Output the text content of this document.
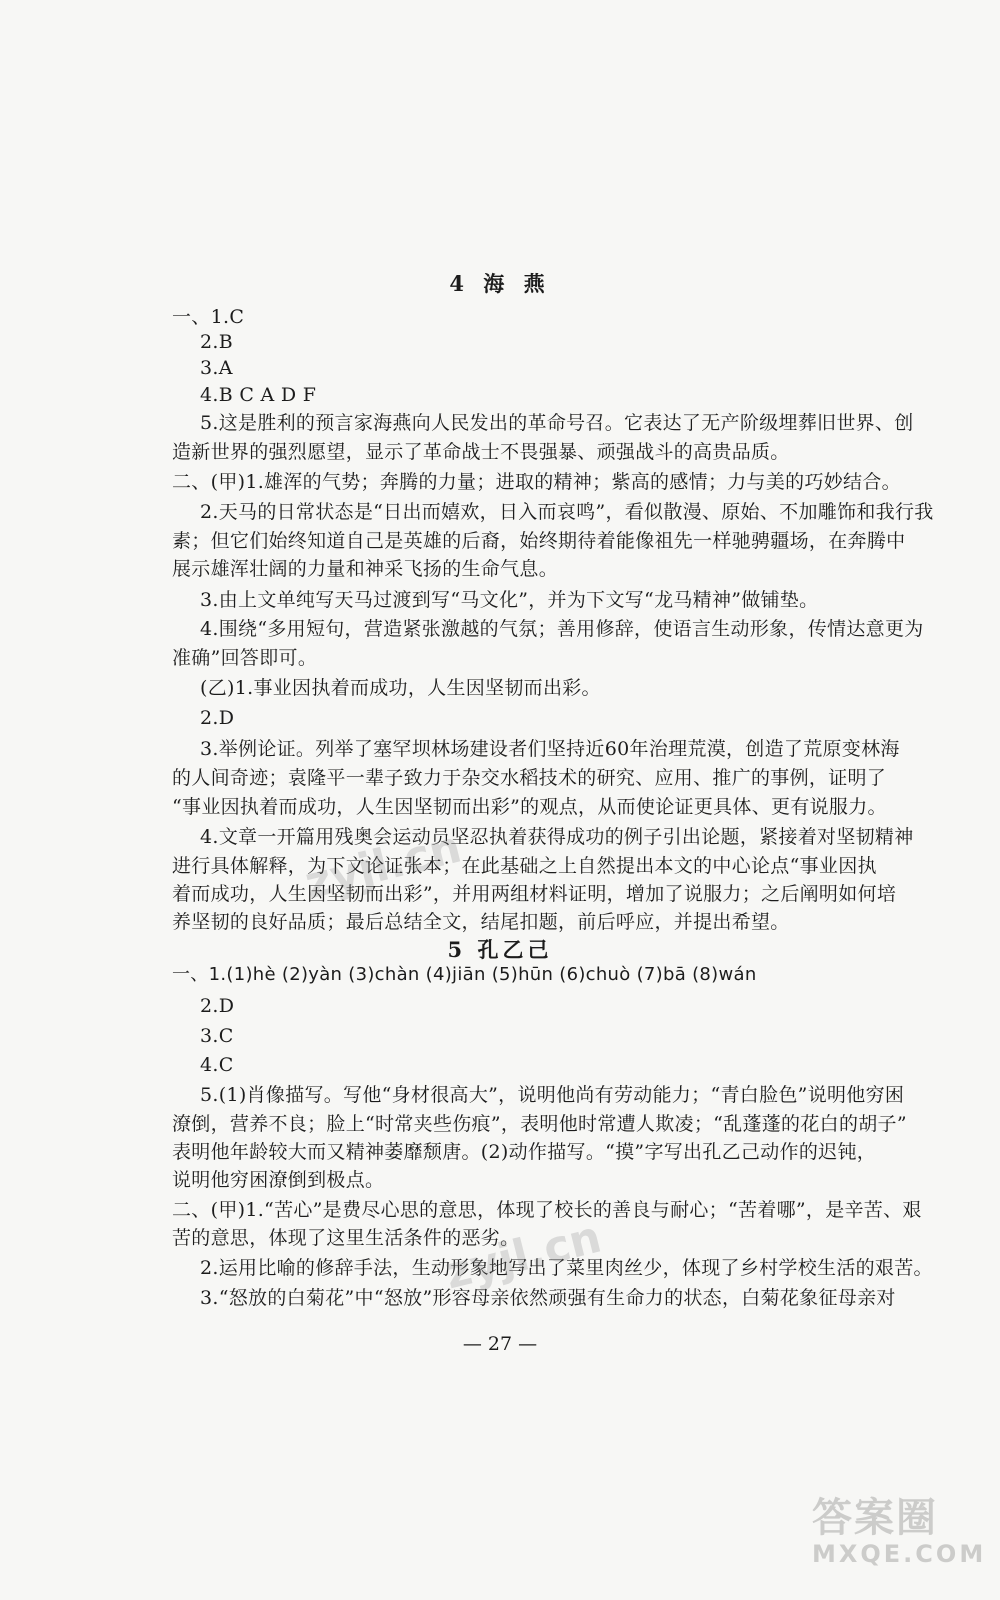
4 海 燕
一、1.C
2.B
3.A
4.B C A D F
5.这是胜利的预言家海燕向人民发出的革命号召。它表达了无产阶级埋葬旧世界、创
造新世界的强烈愿望，显示了革命战士不畏强暴、顽强战斗的高贵品质。
二、(甲)1.雄浑的气势；奔腾的力量；进取的精神；紫高的感情；力与美的巧妙结合。
2.天马的日常状态是“日出而嬉欢，日入而哀鸣”，看似散漫、原始、不加雕饰和我行我
素；但它们始终知道自己是英雄的后裔，始终期待着能像祖先一样驰骋疆场，在奔腾中
展示雄浑壮阔的力量和神采飞扬的生命气息。
3.由上文单纯写天马过渡到写“马文化”，并为下文写“龙马精神”做铺垫。
4.围绕“多用短句，营造紧张激越的气氛；善用修辞，使语言生动形象，传情达意更为
准确”回答即可。
(乙)1.事业因执着而成功，人生因坚韧而出彩。
2.D
3.举例论证。列举了塞罕坝林场建设者们坚持近60年治理荒漠，创造了荒原变林海
的人间奇迹；袁隆平一辈子致力于杂交水稻技术的研究、应用、推广的事例，证明了
“事业因执着而成功，人生因坚韧而出彩”的观点，从而使论证更具体、更有说服力。
4.文章一开篇用残奥会运动员坚忍执着获得成功的例子引出论题，紧接着对坚韧精神
进行具体解释，为下文论证张本；在此基础之上自然提出本文的中心论点“事业因执
着而成功，人生因坚韧而出彩”，并用两组材料证明，增加了说服力；之后阐明如何培
养坚韧的良好品质；最后总结全文，结尾扣题，前后呼应，并提出希望。
5 孔乙己
一、1.(1)hè (2)yàn (3)chàn (4)jiān (5)hūn (6)chuò (7)bā (8)wán
2.D
3.C
4.C
5.(1)肖像描写。写他“身材很高大”，说明他尚有劳动能力；“青白脸色”说明他穷困
潦倒，营养不良；脸上“时常夹些伤痕”，表明他时常遭人欺凌；“乱蓬蓬的花白的胡子”
表明他年龄较大而又精神萎靡颓唐。(2)动作描写。“摸”字写出孔乙己动作的迟钝，
说明他穷困潦倒到极点。
二、(甲)1.“苦心”是费尽心思的意思，体现了校长的善良与耐心；“苦着哪”，是辛苦、艰
苦的意思，体现了这里生活条件的恶劣。
2.运用比喻的修辞手法，生动形象地写出了菜里肉丝少，体现了乡村学校生活的艰苦。
3.“怒放的白菊花”中“怒放”形容母亲依然顽强有生命力的状态，白菊花象征母亲对
— 27 —
zyjl.cn
zyjl.cn
答案圈
MXQE.COM
